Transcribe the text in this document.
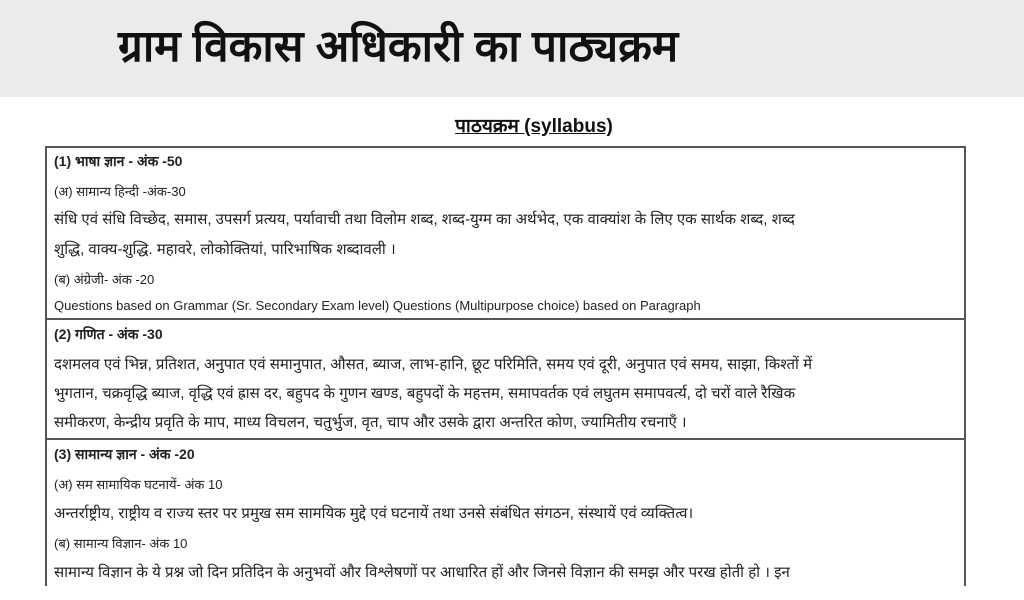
ग्राम विकास अधिकारी का पाठ्यक्रम
पाठयक्रम (syllabus)
(1) भाषा ज्ञान - अंक -50
(अ) सामान्य हिन्दी -अंक-30
संधि एवं संधि विच्छेद, समास, उपसर्ग प्रत्यय, पर्यावाची तथा विलोम शब्द, शब्द-युग्म का अर्थभेद, एक वाक्यांश के लिए एक सार्थक शब्द, शब्द
शुद्धि, वाक्य-शुद्धि. महावरे, लोकोक्तियां, पारिभाषिक शब्दावली ।
(ब) अंग्रेजी- अंक -20
Questions based on Grammar (Sr. Secondary Exam level) Questions (Multipurpose choice) based on Paragraph
(2) गणित - अंक -30
दशमलव एवं भिन्न, प्रतिशत, अनुपात एवं समानुपात, औसत, ब्याज, लाभ-हानि, छूट परिमिति, समय एवं दूरी, अनुपात एवं समय, साझा, किश्तों में
भुगतान, चक्रवृद्धि ब्याज, वृद्धि एवं ह्रास दर, बहुपद के गुणन खण्ड, बहुपदों के महत्तम, समापवर्तक एवं लघुतम समापवर्त्य, दो चरों वाले रैखिक
समीकरण, केन्द्रीय प्रवृति के माप, माध्य विचलन, चतुर्भुज, वृत, चाप और उसके द्वारा अन्तरित कोण, ज्यामितीय रचनाएँ ।
(3) सामान्य ज्ञान - अंक -20
(अ) सम सामायिक घटनायें- अंक 10
अन्तर्राष्ट्रीय, राष्ट्रीय व राज्य स्तर पर प्रमुख सम सामयिक मुद्दे एवं घटनायें तथा उनसे संबंधित संगठन, संस्थायें एवं व्यक्तित्व।
(ब) सामान्य विज्ञान- अंक 10
सामान्य विज्ञान के ये प्रश्न जो दिन प्रतिदिन के अनुभवों और विश्लेषणों पर आधारित हों और जिनसे विज्ञान की समझ और परख होती हो । इन
